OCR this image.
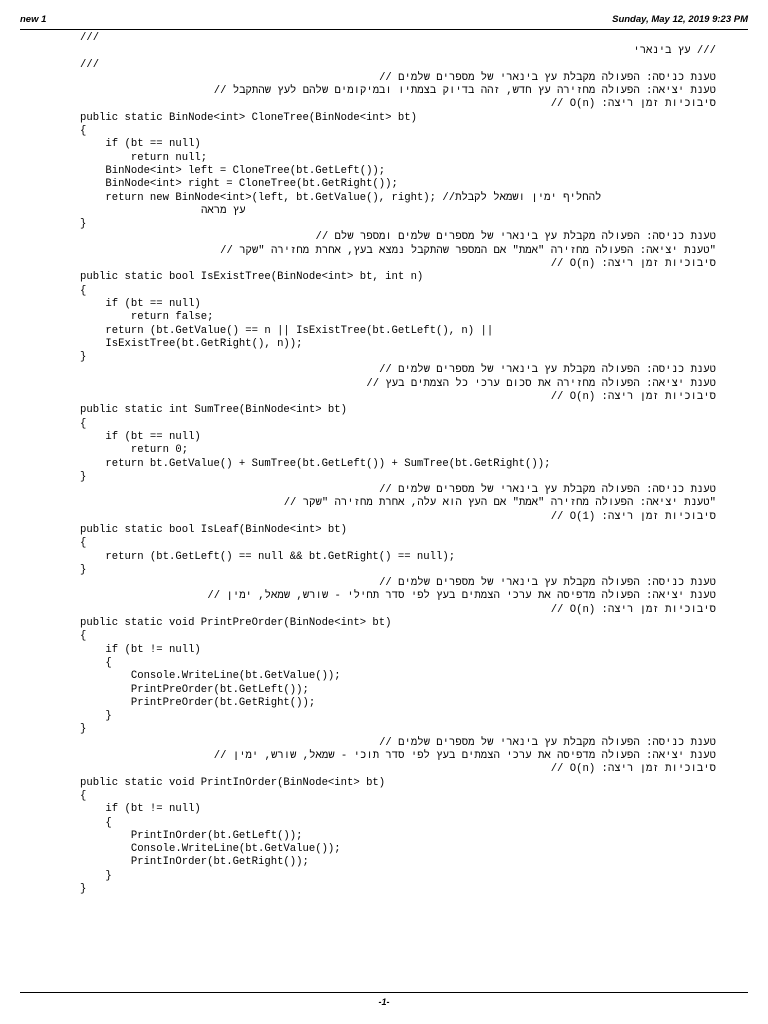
new 1	Sunday, May 12, 2019 9:23 PM
///
/// עץ בינארי
///
טענת כניסה: הפעולה מקבלת עץ בינארי של מספרים שלמים //
טענת יציאה: הפעולה מחזירה עץ חדש, זהה בדיוק בצמתיו ובמיקומים שלהם לעץ שהתקבל //
סיבוכיות זמן ריצה: O(n) //
public static BinNode<int> CloneTree(BinNode<int> bt)
{
if (bt == null)
return null;
BinNode<int> left = CloneTree(bt.GetLeft());
BinNode<int> right = CloneTree(bt.GetRight());
return new BinNode<int>(left, bt.GetValue(), right); //להחליף ימין ושמאל לקבלת
עץ מראה
}
טענת כניסה: הפעולה מקבלת עץ בינארי של מספרים שלמים ומספר שלם //
"טענת יציאה: הפעולה מחזירה "אמת" אם המספר שהתקבל נמצא בעץ, אחרת מחזירה "שקר //
סיבוכיות זמן ריצה: O(n) //
public static bool IsExistTree(BinNode<int> bt, int n)
{
if (bt == null)
return false;
return (bt.GetValue() == n || IsExistTree(bt.GetLeft(), n) ||
IsExistTree(bt.GetRight(), n));
}
טענת כניסה: הפעולה מקבלת עץ בינארי של מספרים שלמים //
טענת יציאה: הפעולה מחזירה את סכום ערכי כל הצמתים בעץ //
סיבוכיות זמן ריצה: O(n) //
public static int SumTree(BinNode<int> bt)
{
if (bt == null)
return 0;
return bt.GetValue() + SumTree(bt.GetLeft()) + SumTree(bt.GetRight());
}
טענת כניסה: הפעולה מקבלת עץ בינארי של מספרים שלמים //
"טענת יציאה: הפעולה מחזירה "אמת" אם העץ הוא עלה, אחרת מחזירה "שקר //
סיבוכיות זמן ריצה: O(1) //
public static bool IsLeaf(BinNode<int> bt)
{
return (bt.GetLeft() == null && bt.GetRight() == null);
}
טענת כניסה: הפעולה מקבלת עץ בינארי של מספרים שלמים //
טענת יציאה: הפעולה מדפיסה את ערכי הצמתים בעץ לפי סדר תחילי - שורש, שמאל, ימין //
סיבוכיות זמן ריצה: O(n) //
public static void PrintPreOrder(BinNode<int> bt)
{
if (bt != null)
{
Console.WriteLine(bt.GetValue());
PrintPreOrder(bt.GetLeft());
PrintPreOrder(bt.GetRight());
}
}
טענת כניסה: הפעולה מקבלת עץ בינארי של מספרים שלמים //
טענת יציאה: הפעולה מדפיסה את ערכי הצמתים בעץ לפי סדר תוכי - שמאל, שורש, ימין //
סיבוכיות זמן ריצה: O(n) //
public static void PrintInOrder(BinNode<int> bt)
{
if (bt != null)
{
PrintInOrder(bt.GetLeft());
Console.WriteLine(bt.GetValue());
PrintInOrder(bt.GetRight());
}
}
-1-
